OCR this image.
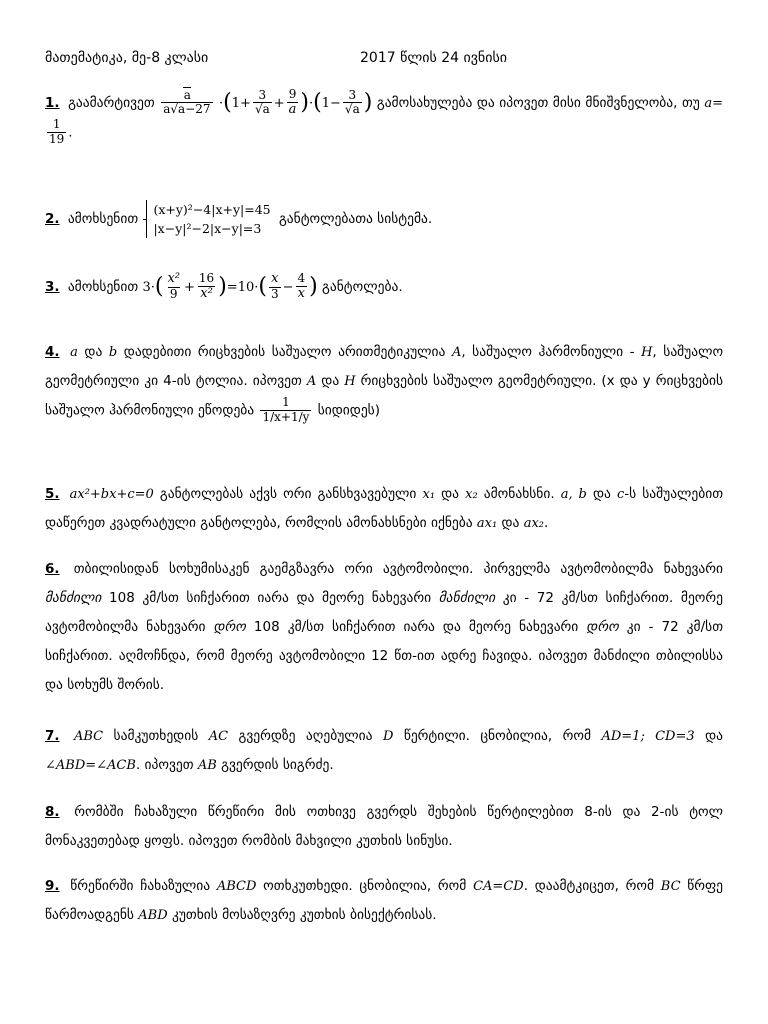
მათემატიკა, მე-8 კლასი	2017 წლის 24 ივნისი
1. გაამარტივეთ $\frac{a}{a√a-27} \cdot(1+ \frac{3}{√a} + \frac{9}{a} )\cdot(1- \frac{3}{√a}$ ) გამოსახულება და იპოვეთ მისი მნიშვნელობა, თუ a=
$\frac{1}{19}$ .
2. ამოხსენით
(x+y)²−4|x+y|=45
|x−y|²−2|x−y|=3
განტოლებათა სისტემა.
3. ამოხსენით $3\cdot( \frac{\text{x²}}{9} + \frac{16}{\text{x²}} )=10\cdot( \frac{x}{3} - \frac{4}{x}$ ) განტოლება.
4. a და b დადებითი რიცხვების საშუალო არითმეტიკულია A, საშუალო ჰარმონიული - H, საშუალო გეომეტრიული კი 4-ის ტოლია. იპოვეთ A და H რიცხვების საშუალო გეომეტრიული. (x და y რიცხვების საშუალო ჰარმონიული ეწოდება $\frac{1}{1/x+1/y}$ სიდიდეს)
5. ax²+bx+c=0 განტოლებას აქვს ორი განსხვავებული x₁ და x₂ ამონახსნი. a, b და c-ს საშუალებით დაწერეთ კვადრატული განტოლება, რომლის ამონახსნები იქნება ax₁ და ax₂.
6. თბილისიდან სოხუმისაკენ გაემგზავრა ორი ავტომობილი. პირველმა ავტომობილმა ნახევარი მანძილი 108 კმ/სთ სიჩქარით იარა და მეორე ნახევარი მანძილი კი - 72 კმ/სთ სიჩქარით. მეორე ავტომობილმა ნახევარი დრო 108 კმ/სთ სიჩქარით იარა და მეორე ნახევარი დრო კი - 72 კმ/სთ სიჩქარით. აღმოჩნდა, რომ მეორე ავტომობილი 12 წთ-ით ადრე ჩავიდა. იპოვეთ მანძილი თბილისსა და სოხუმს შორის.
7. ABC სამკუთხედის AC გვერდზე აღებულია D წერტილი. ცნობილია, რომ AD=1; CD=3 და ∠ABD=∠ACB. იპოვეთ AB გვერდის სიგრძე.
8. რომბში ჩახაზული წრეწირი მის ოთხივე გვერდს შეხების წერტილებით 8-ის და 2-ის ტოლ მონაკვეთებად ყოფს. იპოვეთ რომბის მახვილი კუთხის სინუსი.
9. წრეწირში ჩახაზულია ABCD ოთხკუთხედი. ცნობილია, რომ CA=CD. დაამტკიცეთ, რომ BC წრფე წარმოადგენს ABD კუთხის მოსაზღვრე კუთხის ბისექტრისას.
